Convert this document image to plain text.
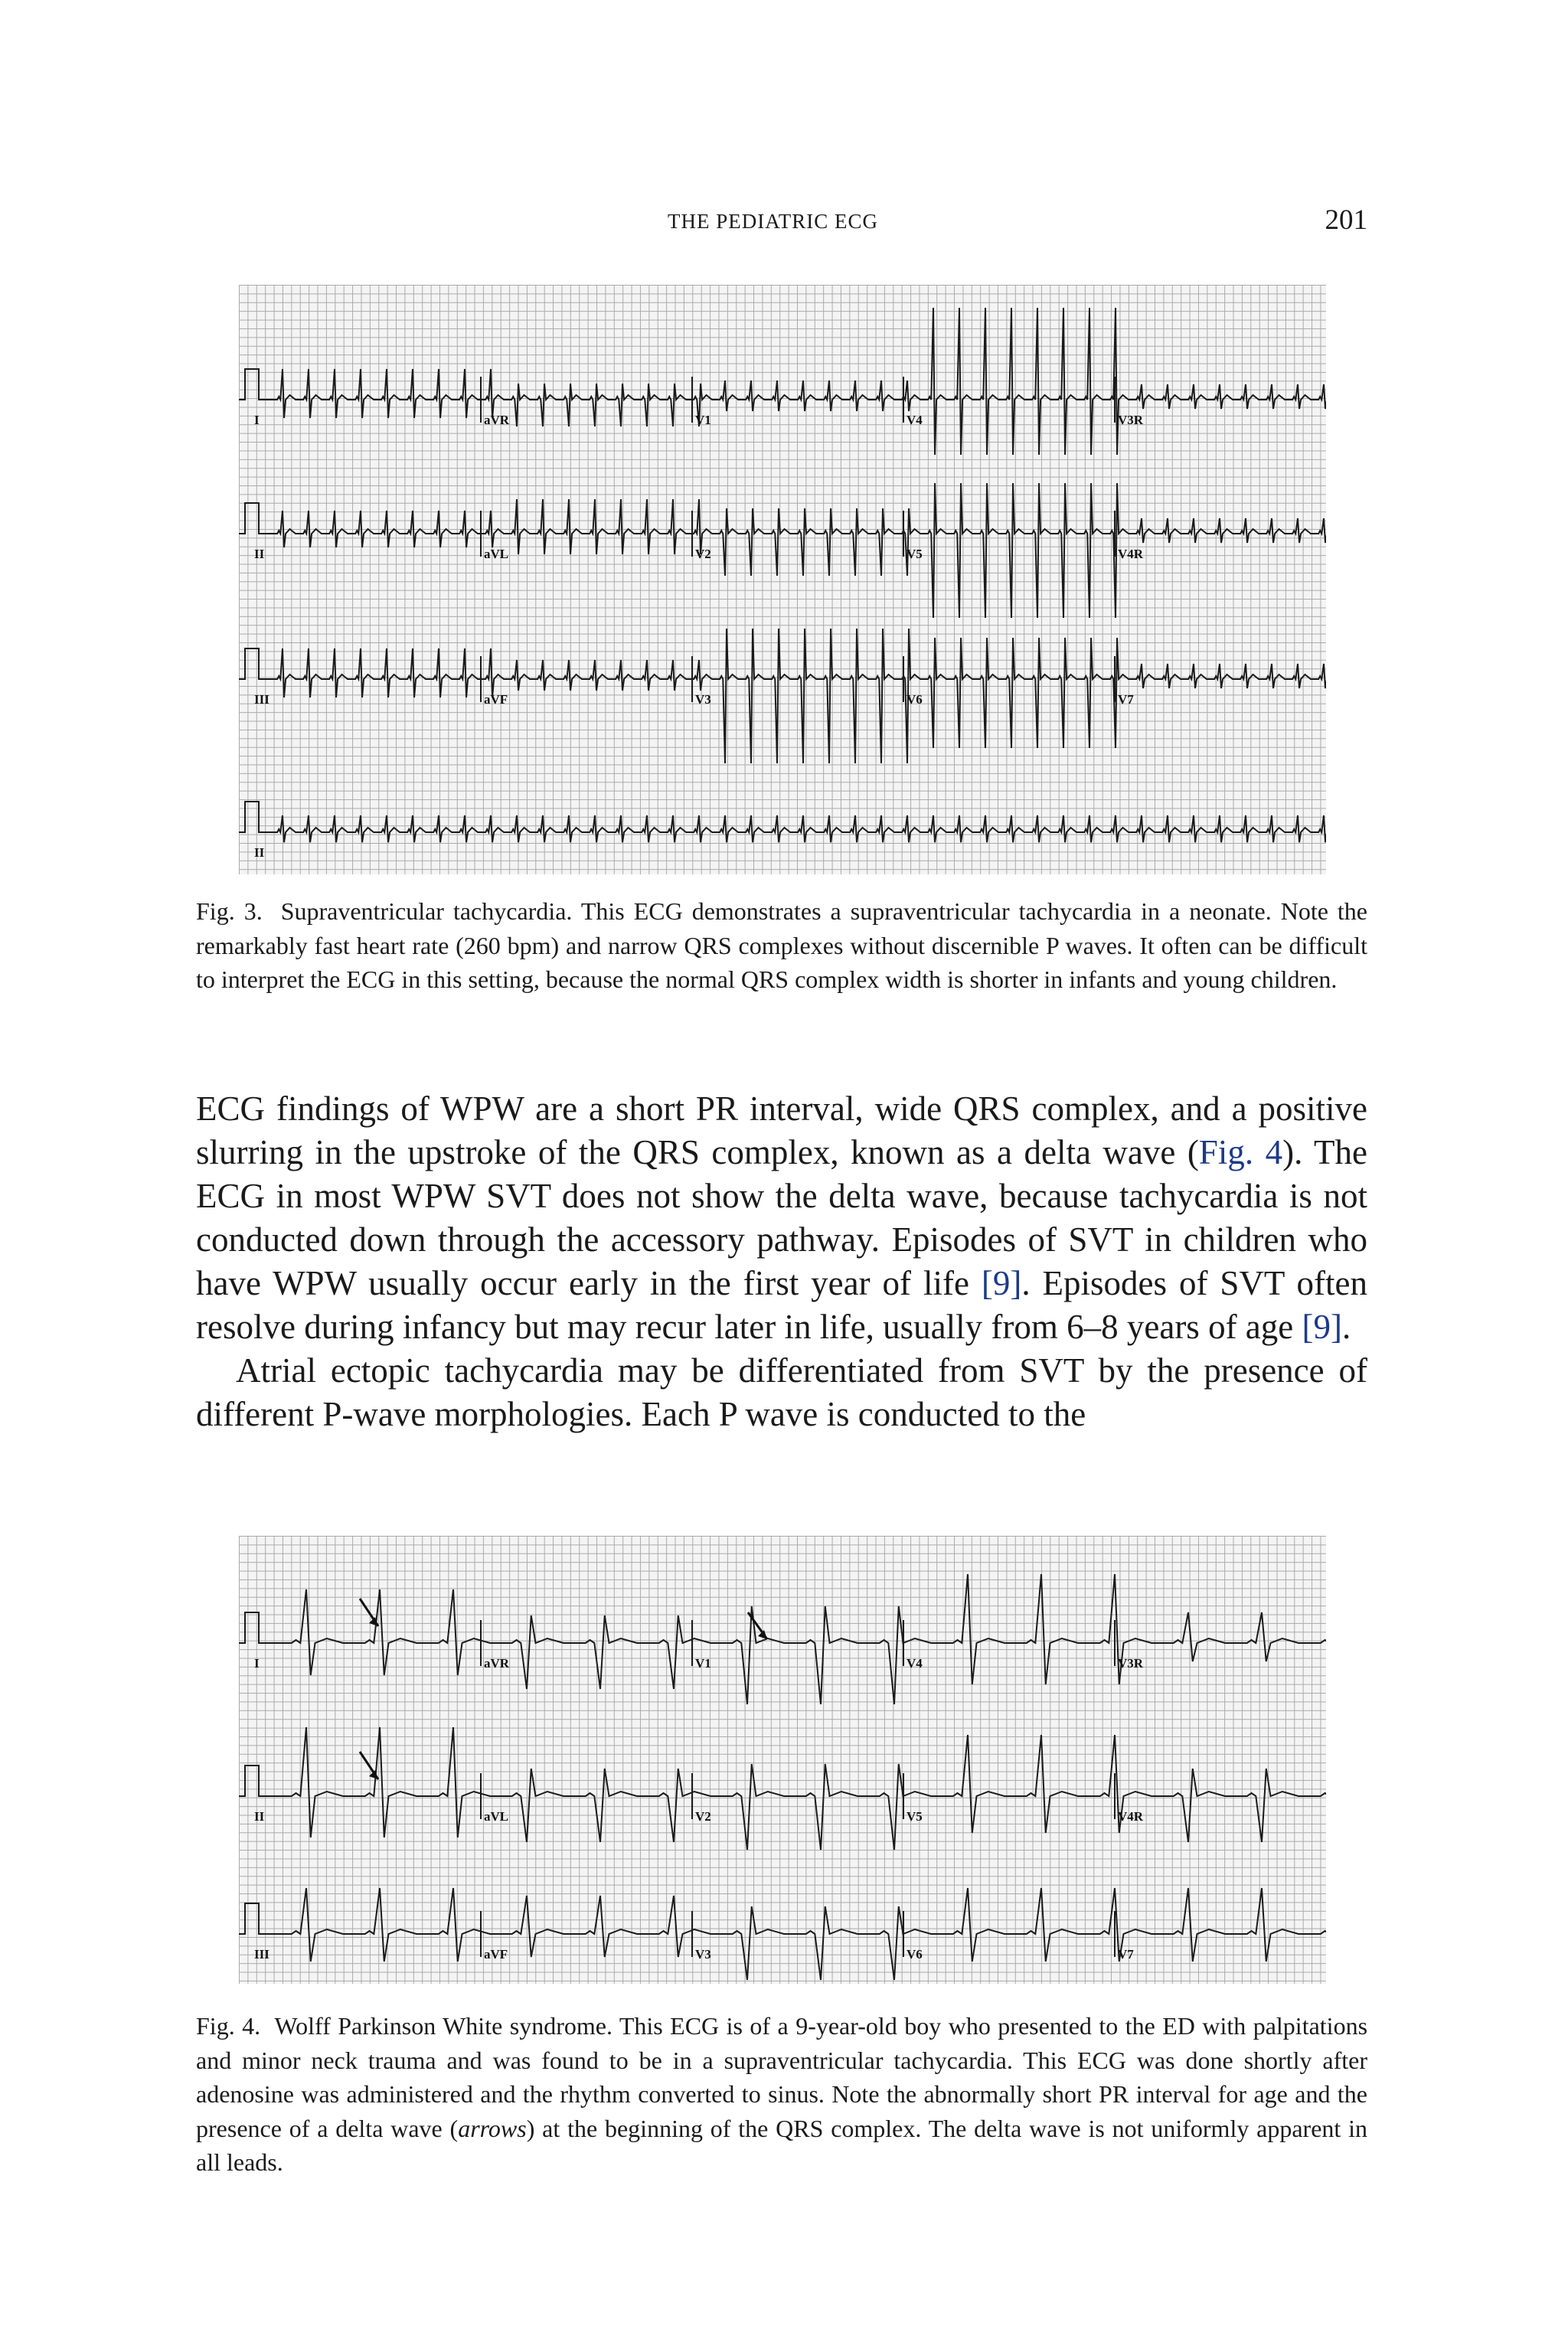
THE PEDIATRIC ECG	201
I	aVR	V1	V4	V3R
II	aVL	V2	V5	V4R
III	aVF	V3	V6	V7
II

Fig. 3. Supraventricular tachycardia. This ECG demonstrates a supraventricular tachycardia in a neonate. Note the remarkably fast heart rate (260 bpm) and narrow QRS complexes without discernible P waves. It often can be difficult to interpret the ECG in this setting, because the normal QRS complex width is shorter in infants and young children.

ECG findings of WPW are a short PR interval, wide QRS complex, and a positive slurring in the upstroke of the QRS complex, known as a delta wave (Fig. 4). The ECG in most WPW SVT does not show the delta wave, because tachycardia is not conducted down through the accessory pathway. Episodes of SVT in children who have WPW usually occur early in the first year of life [9]. Episodes of SVT often resolve during infancy but may recur later in life, usually from 6–8 years of age [9].

Atrial ectopic tachycardia may be differentiated from SVT by the presence of different P-wave morphologies. Each P wave is conducted to the

I	aVR	V1	V4	V3R
II	aVL	V2	V5	V4R
III	aVF	V3	V6	V7

Fig. 4. Wolff Parkinson White syndrome. This ECG is of a 9-year-old boy who presented to the ED with palpitations and minor neck trauma and was found to be in a supraventricular tachycardia. This ECG was done shortly after adenosine was administered and the rhythm converted to sinus. Note the abnormally short PR interval for age and the presence of a delta wave (arrows) at the beginning of the QRS complex. The delta wave is not uniformly apparent in all leads.
